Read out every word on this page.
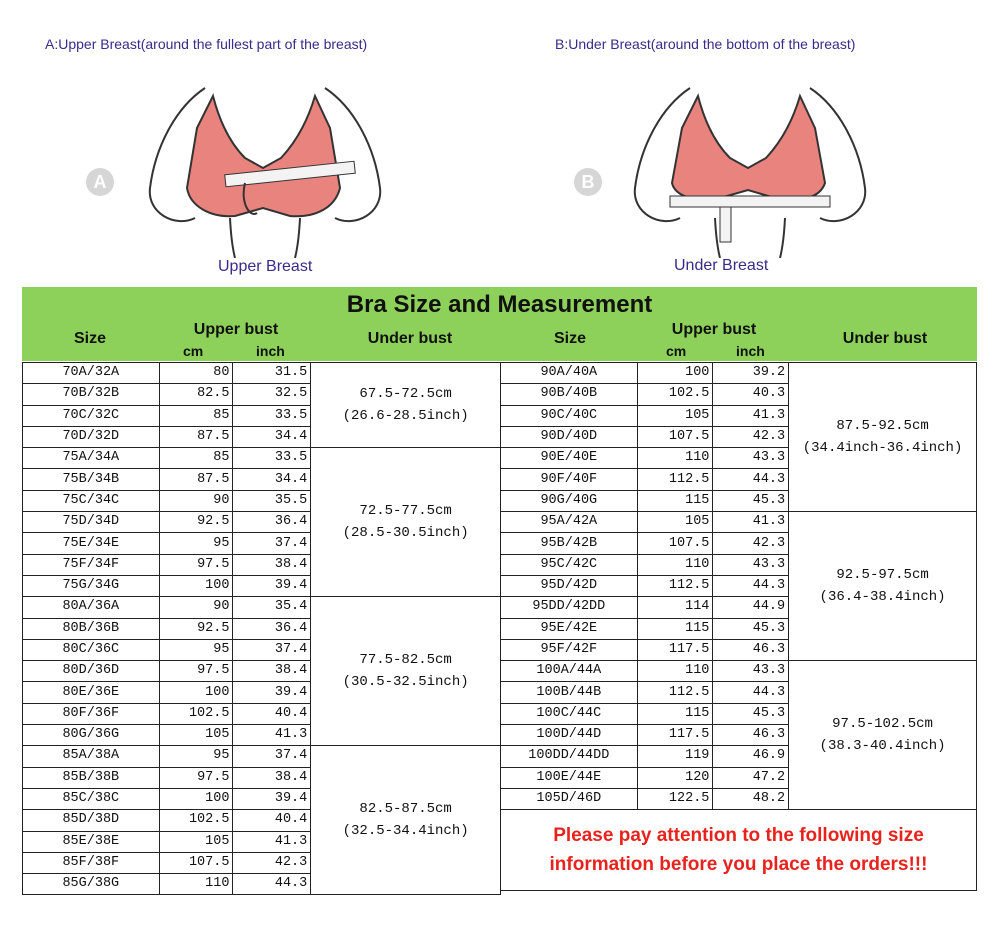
A:Upper Breast(around the fullest part of the breast)	B:Under Breast(around the bottom of the breast)
A
Upper Breast
B
Under Breast
Bra Size and Measurement
Size
Upper bust
cm	inch
Under bust	Size
Upper bust
cm	inch
Under bust
70A/32A	80	31.5	67.5-72.5cm
(26.6-28.5inch)

70B/32B	82.5	32.5	
70C/32C	85	33.5	
70D/32D	87.5	34.4	
75A/34A	85	33.5	72.5-77.5cm
(28.5-30.5inch)

75B/34B	87.5	34.4	
75C/34C	90	35.5	
75D/34D	92.5	36.4	
75E/34E	95	37.4	
75F/34F	97.5	38.4	
75G/34G	100	39.4	
80A/36A	90	35.4	77.5-82.5cm
(30.5-32.5inch)

80B/36B	92.5	36.4	
80C/36C	95	37.4	
80D/36D	97.5	38.4	
80E/36E	100	39.4	
80F/36F	102.5	40.4	
80G/36G	105	41.3	
85A/38A	95	37.4	82.5-87.5cm
(32.5-34.4inch)

85B/38B	97.5	38.4	
85C/38C	100	39.4	
85D/38D	102.5	40.4	
85E/38E	105	41.3	
85F/38F	107.5	42.3	
85G/38G	110	44.3	
90A/40A	100	39.2	87.5-92.5cm
(34.4inch-36.4inch)

90B/40B	102.5	40.3	
90C/40C	105	41.3	
90D/40D	107.5	42.3	
90E/40E	110	43.3	
90F/40F	112.5	44.3	
90G/40G	115	45.3	
95A/42A	105	41.3	92.5-97.5cm
(36.4-38.4inch)

95B/42B	107.5	42.3	
95C/42C	110	43.3	
95D/42D	112.5	44.3	
95DD/42DD	114	44.9	
95E/42E	115	45.3	
95F/42F	117.5	46.3	
100A/44A	110	43.3	97.5-102.5cm
(38.3-40.4inch)

100B/44B	112.5	44.3	
100C/44C	115	45.3	
100D/44D	117.5	46.3	
100DD/44DD	119	46.9	
100E/44E	120	47.2	
105D/46D	122.5	48.2	

Please pay attention to the following size
information before you place the orders!!!			
